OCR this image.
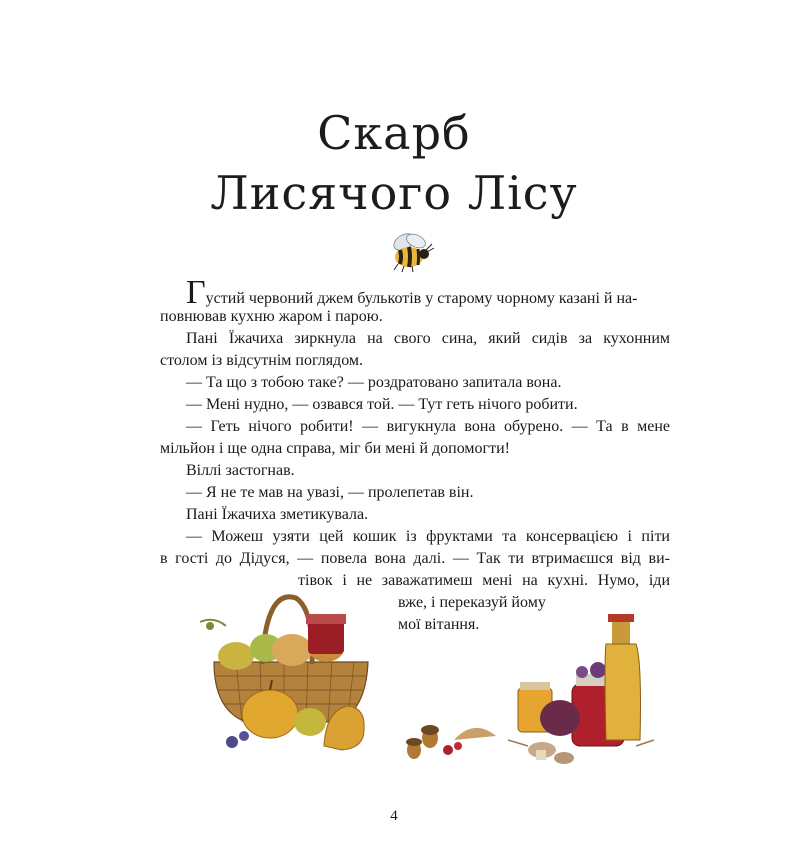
Скарб
Лисячого Лісу
Густий червоний джем булькотів у старому чорному казані й на-
повнював кухню жаром і парою.
Пані Їжачиха зиркнула на свого сина, який сидів за кухонним
столом із відсутнім поглядом.
— Та що з тобою таке? — роздратовано запитала вона.
— Мені нудно, — озвався той. — Тут геть нічого робити.
— Геть нічого робити! — вигукнула вона обурено. — Та в мене
мільйон і ще одна справа, міг би мені й допомогти!
Віллі застогнав.
— Я не те мав на увазі, — пролепетав він.
Пані Їжачиха зметикувала.
— Можеш узяти цей кошик із фруктами та консервацією і піти
в гості до Дідуся, — повела вона далі. — Так ти втримаєшся від ви-
тівок і не заважатимеш мені на кухні. Нумо, іди
вже, і переказуй йому
мої вітання.
4
